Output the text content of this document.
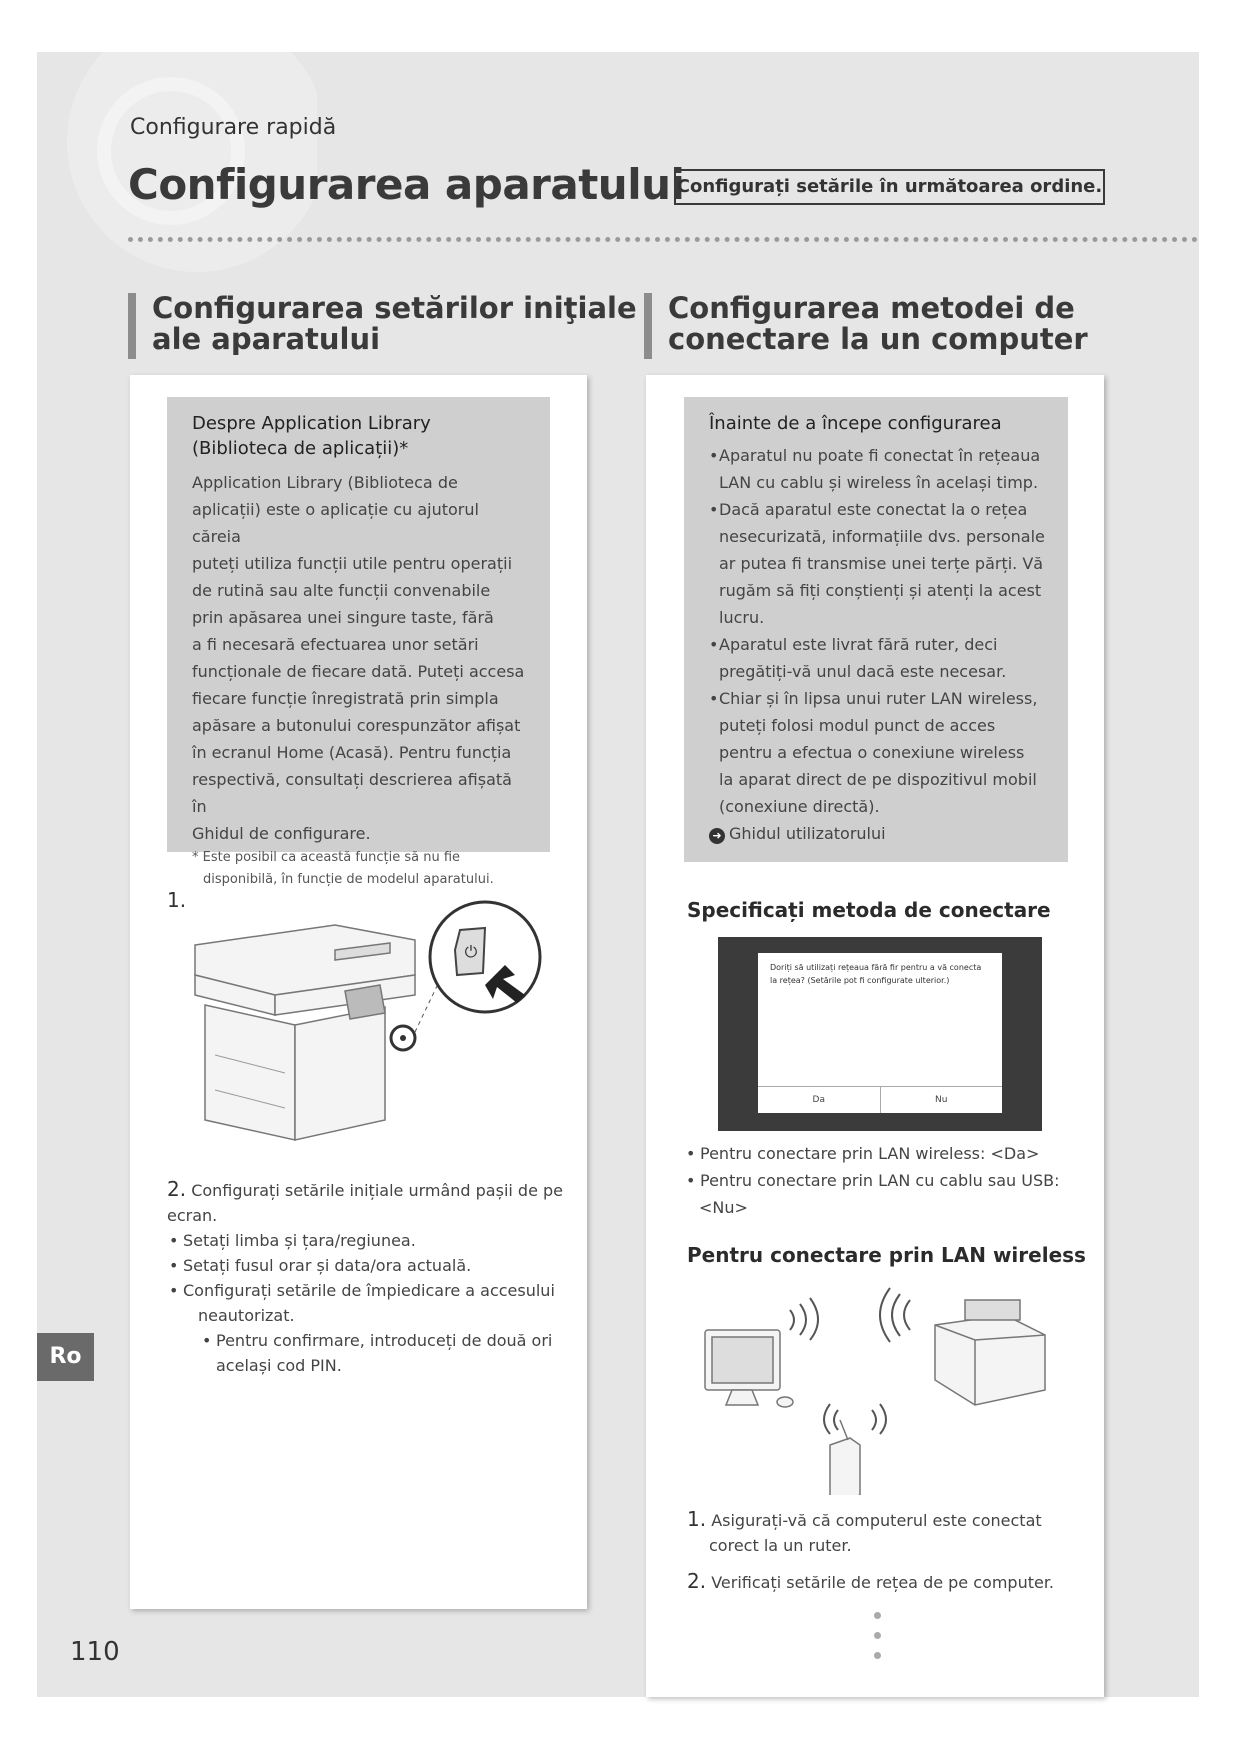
Configurare rapidă

Configurarea aparatului
Configurați setările în următoarea ordine.
Configurarea setărilor iniţiale
ale aparatului

Despre Application Library
(Biblioteca de aplicații)*

Application Library (Biblioteca de

aplicații) este o aplicație cu ajutorul căreia

puteți utiliza funcții utile pentru operații

de rutină sau alte funcții convenabile

prin apăsarea unei singure taste, fără

a fi necesară efectuarea unor setări

funcționale de fiecare dată. Puteți accesa

fiecare funcție înregistrată prin simpla

apăsare a butonului corespunzător afișat

în ecranul Home (Acasă). Pentru funcția

respectivă, consultați descrierea afișată în

Ghidul de configurare.

* Este posibil ca această funcție să nu fie

disponibilă, în funcție de modelul aparatului.

1.
⏻
2. Configurați setările inițiale urmând pașii de pe
ecran.
• Setați limba și țara/regiunea.
• Setați fusul orar și data/ora actuală.
• Configurați setările de împiedicare a accesului
neautorizat.
• Pentru confirmare, introduceți de două ori
același cod PIN.
Configurarea metodei de
conectare la un computer

Înainte de a începe configurarea

• Aparatul nu poate fi conectat în rețeaua
LAN cu cablu și wireless în același timp.
• Dacă aparatul este conectat la o rețea
nesecurizată, informațiile dvs. personale
ar putea fi transmise unei terțe părți. Vă
rugăm să fiți conștienți și atenți la acest
lucru.
• Aparatul este livrat fără ruter, deci
pregătiți-vă unul dacă este necesar.
• Chiar și în lipsa unui ruter LAN wireless,
puteți folosi modul punct de acces
pentru a efectua o conexiune wireless
la aparat direct de pe dispozitivul mobil
(conexiune directă).
➜ Ghidul utilizatorului

Specificați metoda de conectare

Doriți să utilizați rețeaua fără fir pentru a vă conecta la rețea? (Setările pot fi configurate ulterior.)
Da	Nu
• Pentru conectare prin LAN wireless: <Da>
• Pentru conectare prin LAN cu cablu sau USB:
<Nu>

Pentru conectare prin LAN wireless

1. Asigurați-vă că computerul este conectat
corect la un ruter.
2. Verificați setările de rețea de pe computer.
Ro
110
